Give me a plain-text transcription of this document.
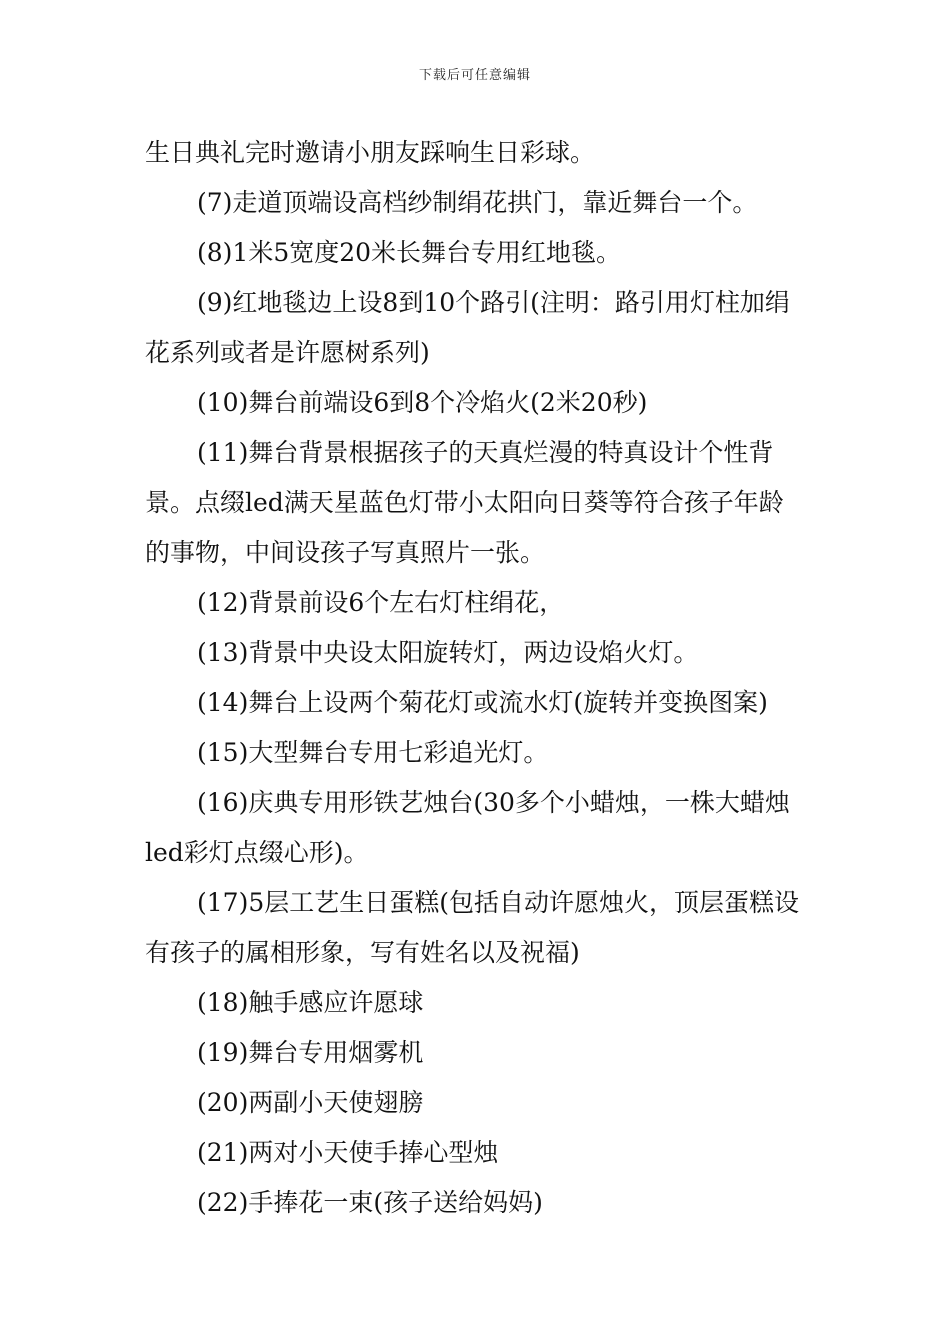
下载后可任意编辑

生日典礼完时邀请小朋友踩响生日彩球。

(7)走道顶端设高档纱制绢花拱门，靠近舞台一个。

(8)1米5宽度20米长舞台专用红地毯。

(9)红地毯边上设8到10个路引(注明：路引用灯柱加绢花系列或者是许愿树系列)

(10)舞台前端设6到8个冷焰火(2米20秒)

(11)舞台背景根据孩子的天真烂漫的特真设计个性背景。点缀led满天星蓝色灯带小太阳向日葵等符合孩子年龄的事物，中间设孩子写真照片一张。

(12)背景前设6个左右灯柱绢花，

(13)背景中央设太阳旋转灯，两边设焰火灯。

(14)舞台上设两个菊花灯或流水灯(旋转并变换图案)

(15)大型舞台专用七彩追光灯。

(16)庆典专用形铁艺烛台(30多个小蜡烛，一株大蜡烛led彩灯点缀心形)。

(17)5层工艺生日蛋糕(包括自动许愿烛火，顶层蛋糕设有孩子的属相形象，写有姓名以及祝福)

(18)触手感应许愿球

(19)舞台专用烟雾机

(20)两副小天使翅膀

(21)两对小天使手捧心型烛

(22)手捧花一束(孩子送给妈妈)
